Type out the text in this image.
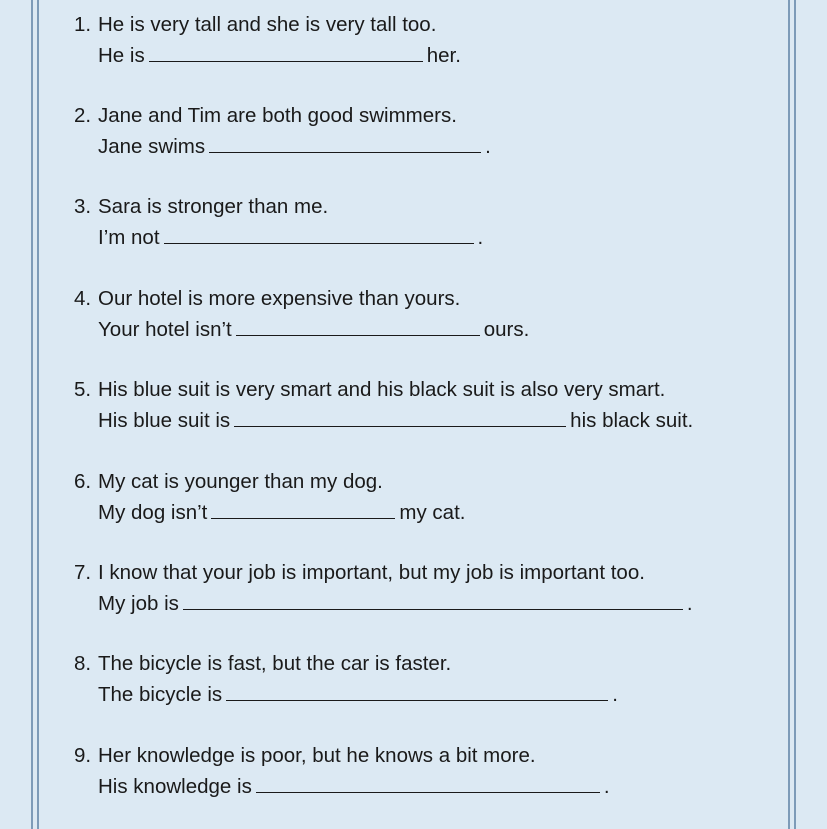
1. He is very tall and she is very tall too.
He is	her.
2. Jane and Tim are both good swimmers.
Jane swims	.
3. Sara is stronger than me.
I’m not	.
4. Our hotel is more expensive than yours.
Your hotel isn’t	ours.
5. His blue suit is very smart and his black suit is also very smart.
His blue suit is	his black suit.
6. My cat is younger than my dog.
My dog isn’t	my cat.
7. I know that your job is important, but my job is important too.
My job is	.
8. The bicycle is fast, but the car is faster.
The bicycle is	.
9. Her knowledge is poor, but he knows a bit more.
His knowledge is	.
